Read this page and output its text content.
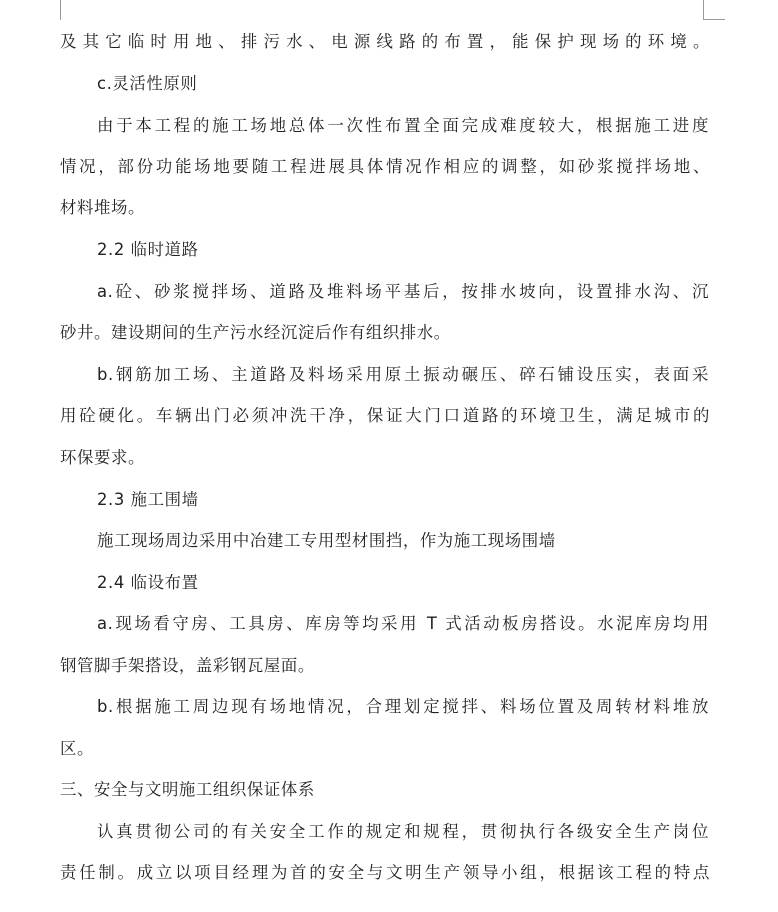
及其它临时用地、排污水、电源线路的布置，能保护现场的环境。
c.灵活性原则
由于本工程的施工场地总体一次性布置全面完成难度较大，根据施工进度
情况，部份功能场地要随工程进展具体情况作相应的调整，如砂浆搅拌场地、
材料堆场。
2.2 临时道路
a.砼、砂浆搅拌场、道路及堆料场平基后，按排水坡向，设置排水沟、沉
砂井。建设期间的生产污水经沉淀后作有组织排水。
b.钢筋加工场、主道路及料场采用原土振动碾压、碎石铺设压实，表面采
用砼硬化。车辆出门必须冲洗干净，保证大门口道路的环境卫生，满足城市的
环保要求。
2.3 施工围墙
施工现场周边采用中冶建工专用型材围挡，作为施工现场围墙
2.4 临设布置
a.现场看守房、工具房、库房等均采用 T 式活动板房搭设。水泥库房均用
钢管脚手架搭设，盖彩钢瓦屋面。
b.根据施工周边现有场地情况，合理划定搅拌、料场位置及周转材料堆放
区。
三、安全与文明施工组织保证体系
认真贯彻公司的有关安全工作的规定和规程，贯彻执行各级安全生产岗位
责任制。成立以项目经理为首的安全与文明生产领导小组，根据该工程的特点
